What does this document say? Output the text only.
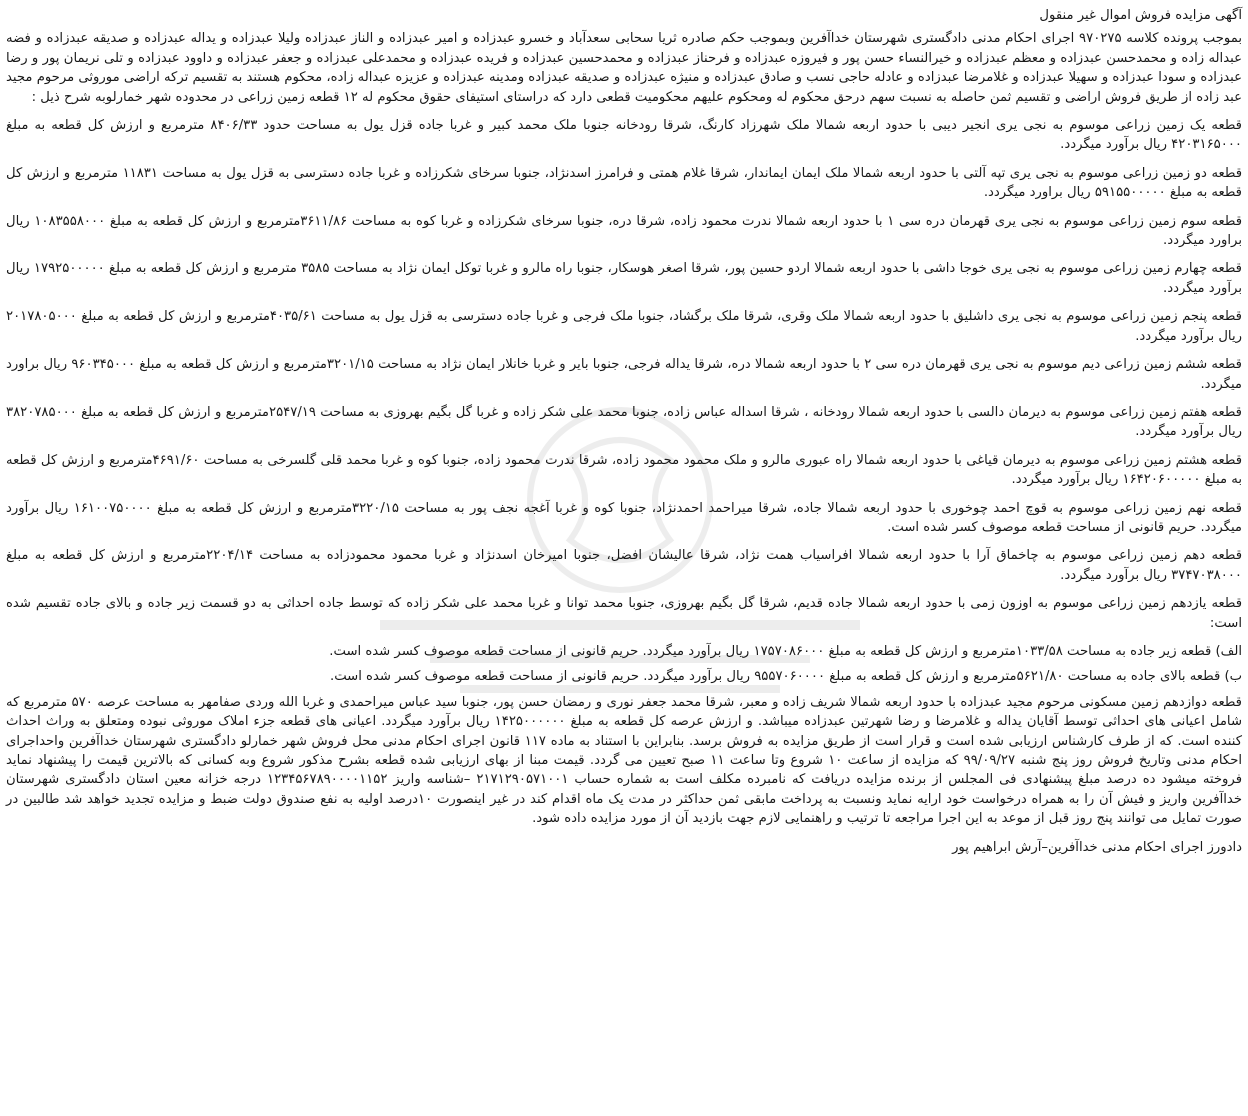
آگهی مزایده فروش اموال غیر منقول

بموجب پرونده کلاسه ۹۷۰۲۷۵ اجرای احکام مدنی دادگستری شهرستان خداآفرین وبموجب حکم صادره ثریا سحابی سعدآباد و خسرو عبدزاده و امیر عبدزاده و الناز عبدزاده ولیلا عبدزاده و یداله عبدزاده و صدیقه عبدزاده و فضه عبداله زاده و محمدحسن عبدزاده و معظم عبدزاده و خیرالنساء حسن پور و فیروزه عبدزاده و فرحناز عبدزاده و محمدحسین عبدزاده و فریده عبدزاده و محمدعلی عبدزاده و جعفر عبدزاده و داوود عبدزاده و تلی نریمان پور و رضا عبدزاده و سودا عبدزاده و سهیلا عبدزاده و غلامرضا عبدزاده و عادله حاجی نسب و صادق عبدزاده و منیژه عبدزاده و صدیقه عبدزاده ومدینه عبدزاده و عزیزه عبداله زاده، محکوم هستند به تقسیم ترکه اراضی موروثی مرحوم مجید عبد زاده از طریق فروش اراضی و تقسیم ثمن حاصله به نسبت سهم درحق محکوم له ومحکوم علیهم محکومیت قطعی دارد که دراستای استیفای حقوق محکوم له ۱۲ قطعه زمین زراعی در محدوده شهر خمارلوبه شرح ذیل :

قطعه یک زمین زراعی موسوم به نجی یری انجیر دیبی با حدود اربعه شمالا ملک شهرزاد کارنگ، شرقا رودخانه جنوبا ملک محمد کبیر و غربا جاده قزل یول به مساحت حدود ۸۴۰۶/۳۳ مترمربع و ارزش کل قطعه به مبلغ ۴۲۰۳۱۶۵۰۰۰ ریال برآورد میگردد.

قطعه دو زمین زراعی موسوم به نجی یری تپه آلتی با حدود اربعه شمالا ملک ایمان ایماندار، شرقا غلام همتی و فرامرز اسدنژاد، جنوبا سرخای شکرزاده و غربا جاده دسترسی به قزل یول به مساحت ۱۱۸۳۱ مترمربع و ارزش کل قطعه به مبلغ ۵۹۱۵۵۰۰۰۰۰ ریال براورد میگردد.

قطعه سوم زمین زراعی موسوم به نجی یری قهرمان دره سی ۱ با حدود اربعه شمالا ندرت محمود زاده، شرقا دره، جنوبا سرخای شکرزاده و غربا کوه به مساحت ۳۶۱۱/۸۶مترمربع و ارزش کل قطعه به مبلغ ۱۰۸۳۵۵۸۰۰۰ ریال براورد میگردد.

قطعه چهارم زمین زراعی موسوم به نجی یری خوجا داشی با حدود اربعه شمالا اردو حسین پور، شرقا اصغر هوسکار، جنوبا راه مالرو و غربا توکل ایمان نژاد به مساحت ۳۵۸۵ مترمربع و ارزش کل قطعه به مبلغ ۱۷۹۲۵۰۰۰۰۰ ریال برآورد میگردد.

قطعه پنجم زمین زراعی موسوم به نجی یری داشلیق با حدود اربعه شمالا ملک وقری، شرقا ملک برگشاد، جنوبا ملک فرجی و غربا جاده دسترسی به قزل یول به مساحت ۴۰۳۵/۶۱مترمربع و ارزش کل قطعه به مبلغ ۲۰۱۷۸۰۵۰۰۰ ریال برآورد میگردد.

قطعه ششم زمین زراعی دیم موسوم به نجی یری قهرمان دره سی ۲ با حدود اربعه شمالا دره، شرقا یداله فرجی، جنوبا بایر و غربا خانلار ایمان نژاد به مساحت ۳۲۰۱/۱۵مترمربع و ارزش کل قطعه به مبلغ ۹۶۰۳۴۵۰۰۰ ریال براورد میگردد.

قطعه هفتم زمین زراعی موسوم به دیرمان دالسی با حدود اربعه شمالا رودخانه ، شرقا اسداله عباس زاده، جنوبا محمد علی شکر زاده و غربا گل بگیم بهروزی به مساحت ۲۵۴۷/۱۹مترمربع و ارزش کل قطعه به مبلغ ۳۸۲۰۷۸۵۰۰۰ ریال برآورد میگردد.

قطعه هشتم زمین زراعی موسوم به دیرمان قیاغی با حدود اربعه شمالا راه عبوری مالرو و ملک محمود محمود زاده، شرقا ندرت محمود زاده، جنوبا کوه و غربا محمد قلی گلسرخی به مساحت ۴۶۹۱/۶۰مترمربع و ارزش کل قطعه به مبلغ ۱۶۴۲۰۶۰۰۰۰۰ ریال برآورد میگردد.

قطعه نهم زمین زراعی موسوم به قوچ احمد چوخوری با حدود اربعه شمالا جاده، شرقا میراحمد احمدنژاد، جنوبا کوه و غربا آغجه نجف پور به مساحت ۳۲۲۰/۱۵مترمربع و ارزش کل قطعه به مبلغ ۱۶۱۰۰۷۵۰۰۰۰ ریال برآورد میگردد. حریم قانونی از مساحت قطعه موصوف کسر شده است.

قطعه دهم زمین زراعی موسوم به چاخماق آرا با حدود اربعه شمالا افراسیاب همت نژاد، شرقا عالیشان افضل، جنوبا امیرخان اسدنژاد و غربا محمود محمودزاده به مساحت ۲۲۰۴/۱۴مترمربع و ارزش کل قطعه به مبلغ ۳۷۴۷۰۳۸۰۰۰ ریال برآورد میگردد.

قطعه یازدهم زمین زراعی موسوم به اوزون زمی با حدود اربعه شمالا جاده قدیم، شرقا گل بگیم بهروزی، جنوبا محمد توانا و غربا محمد علی شکر زاده که توسط جاده احداثی به دو قسمت زیر جاده و بالای جاده تقسیم شده است:

الف) قطعه زیر جاده به مساحت ۱۰۳۳/۵۸مترمربع و ارزش کل قطعه به مبلغ ۱۷۵۷۰۸۶۰۰۰ ریال برآورد میگردد. حریم قانونی از مساحت قطعه موصوف کسر شده است.

ب) قطعه بالای جاده به مساحت ۵۶۲۱/۸۰مترمربع و ارزش کل قطعه به مبلغ ۹۵۵۷۰۶۰۰۰۰ ریال برآورد میگردد. حریم قانونی از مساحت قطعه موصوف کسر شده است.

قطعه دوازدهم زمین مسکونی مرحوم مجید عبدزاده با حدود اربعه شمالا شریف زاده و معبر، شرقا محمد جعفر نوری و رمضان حسن پور، جنوبا سید عباس میراحمدی و غربا الله وردی صفامهر به مساحت عرصه ۵۷۰ مترمربع که شامل اعیانی های احداثی توسط آقایان یداله و غلامرضا و رضا شهرتین عبدزاده میباشد. و ارزش عرصه کل قطعه به مبلغ ۱۴۲۵۰۰۰۰۰۰ ریال برآورد میگردد. اعیانی های قطعه جزء املاک موروثی نبوده ومتعلق به وراث احداث کننده است. که از طرف کارشناس ارزیابی شده است و قرار است از طریق مزایده به فروش برسد. بنابراین با استناد به ماده ۱۱۷ قانون اجرای احکام مدنی محل فروش شهر خمارلو دادگستری شهرستان خداآفرین واحداجرای احکام مدنی وتاریخ فروش روز پنج شنبه ۹۹/۰۹/۲۷ که مزایده از ساعت ۱۰ شروع وتا ساعت ۱۱ صبح تعیین می گردد. قیمت مبنا از بهای ارزیابی شده قطعه بشرح مذکور شروع وبه کسانی که بالاترین قیمت را پیشنهاد نماید فروخته میشود ده درصد مبلغ پیشنهادی فی المجلس از برنده مزایده دریافت که نامبرده مکلف است به شماره حساب ۲۱۷۱۲۹۰۵۷۱۰۰۱ –شناسه واریز ۱۲۳۴۵۶۷۸۹۰۰۰۰۱۱۵۲ درجه خزانه معین استان دادگستری شهرستان خداآفرین واریز و فیش آن را به همراه درخواست خود ارایه نماید ونسبت به پرداخت مابقی ثمن حداکثر در مدت یک ماه اقدام کند در غیر اینصورت ۱۰درصد اولیه به نفع صندوق دولت ضبط و مزایده تجدید خواهد شد طالبین در صورت تمایل می توانند پنج روز قبل از موعد به این اجرا مراجعه تا ترتیب و راهنمایی لازم جهت بازدید آن از مورد مزایده داده شود.

دادورز اجرای احکام مدنی خداآفرین–آرش ابراهیم پور
